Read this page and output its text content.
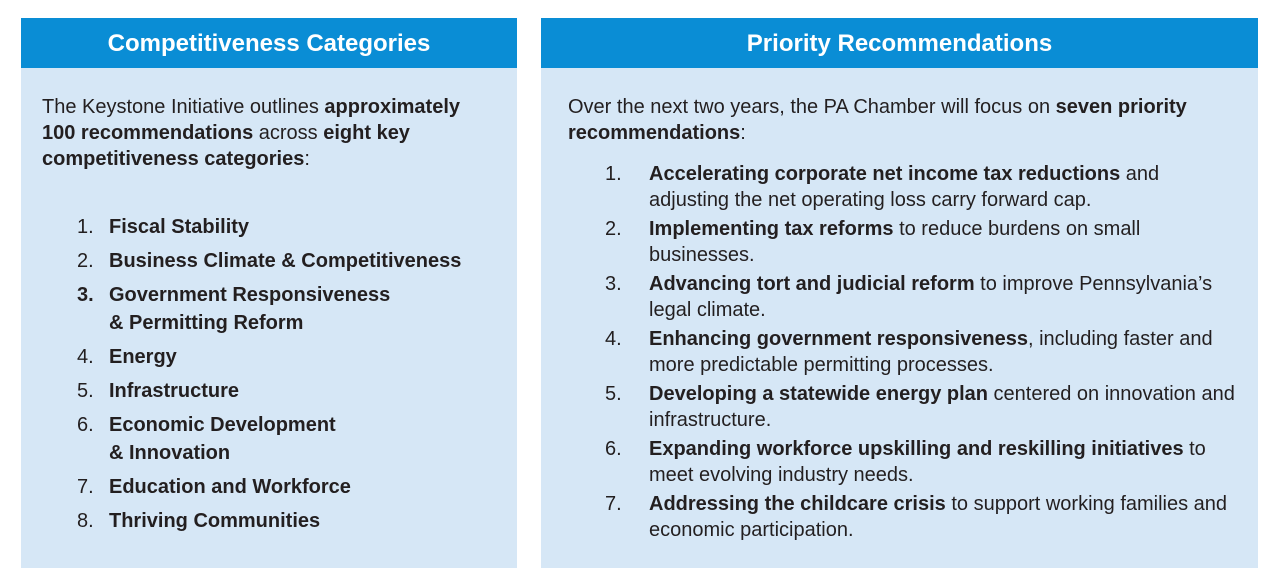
Competitiveness Categories

The Keystone Initiative outlines approximately 100 recommendations across eight key competitiveness categories:

1. Fiscal Stability
2. Business Climate & Competitiveness
3. Government Responsiveness
& Permitting Reform
4. Energy
5. Infrastructure
6. Economic Development
& Innovation
7. Education and Workforce
8. Thriving Communities
Priority Recommendations

Over the next two years, the PA Chamber will focus on seven priority recommendations:

1. Accelerating corporate net income tax reductions and adjusting the net operating loss carry forward cap.
2. Implementing tax reforms to reduce burdens on small businesses.
3. Advancing tort and judicial reform to improve Pennsylvania’s legal climate.
4. Enhancing government responsiveness, including faster and more predictable permitting processes.
5. Developing a statewide energy plan centered on innovation and infrastructure.
6. Expanding workforce upskilling and reskilling initiatives to meet evolving industry needs.
7. Addressing the childcare crisis to support working families and economic participation.
